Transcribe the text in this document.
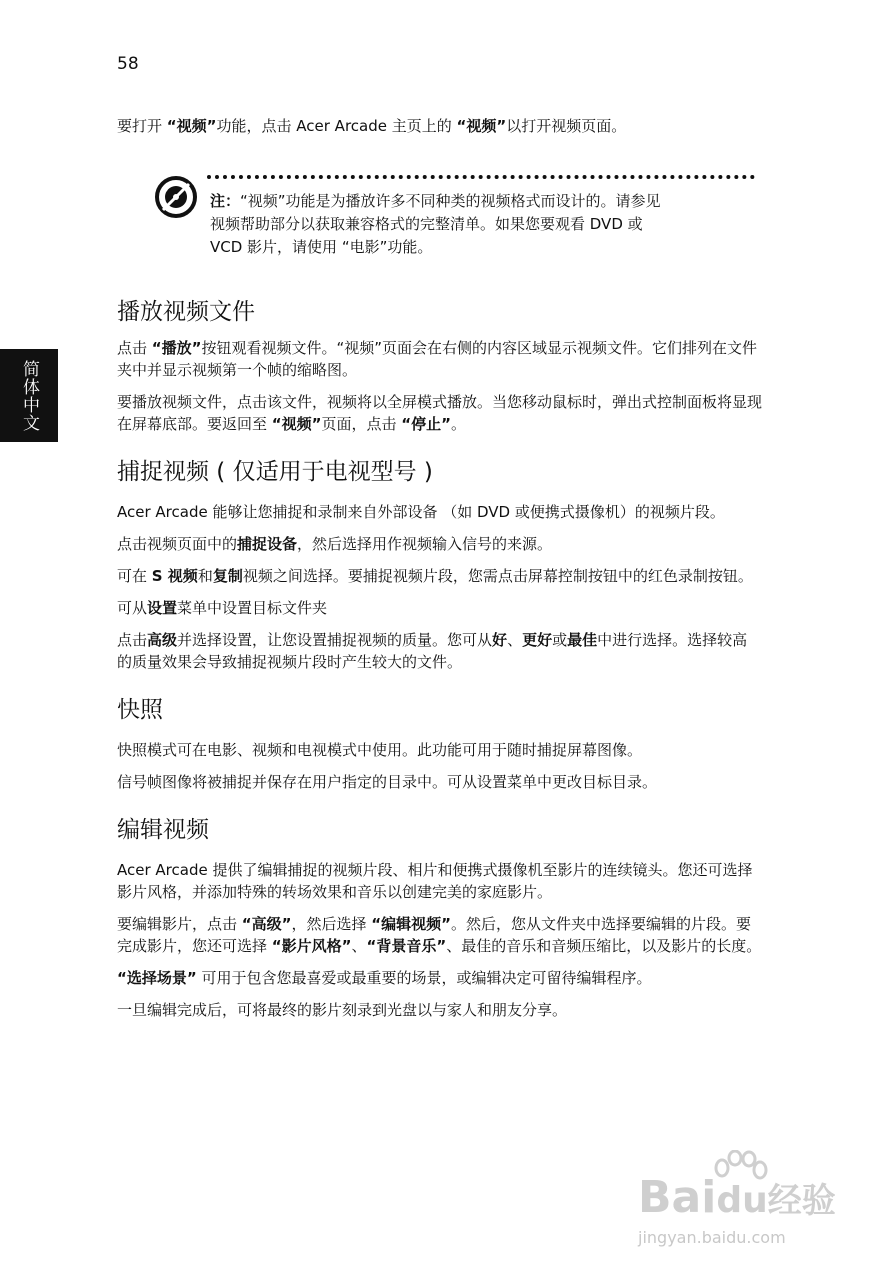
58
简体中文

要打开 “视频”功能，点击 Acer Arcade 主页上的 “视频”以打开视频页面。

注：“视频”功能是为播放许多不同种类的视频格式而设计的。请参见
视频帮助部分以获取兼容格式的完整清单。如果您要观看 DVD 或
VCD 影片，请使用 “电影”功能。
播放视频文件

点击 “播放”按钮观看视频文件。“视频”页面会在右侧的内容区域显示视频文件。它们排列在文件夹中并显示视频第一个帧的缩略图。

要播放视频文件，点击该文件，视频将以全屏模式播放。当您移动鼠标时，弹出式控制面板将显现在屏幕底部。要返回至 “视频”页面，点击 “停止”。

捕捉视频 ( 仅适用于电视型号 )

Acer Arcade 能够让您捕捉和录制来自外部设备 （如 DVD 或便携式摄像机）的视频片段。

点击视频页面中的捕捉设备，然后选择用作视频输入信号的来源。

可在 S 视频和复制视频之间选择。要捕捉视频片段，您需点击屏幕控制按钮中的红色录制按钮。

可从设置菜单中设置目标文件夹

点击高级并选择设置，让您设置捕捉视频的质量。您可从好、更好或最佳中进行选择。选择较高的质量效果会导致捕捉视频片段时产生较大的文件。

快照

快照模式可在电影、视频和电视模式中使用。此功能可用于随时捕捉屏幕图像。

信号帧图像将被捕捉并保存在用户指定的目录中。可从设置菜单中更改目标目录。

编辑视频

Acer Arcade 提供了编辑捕捉的视频片段、相片和便携式摄像机至影片的连续镜头。您还可选择影片风格，并添加特殊的转场效果和音乐以创建完美的家庭影片。

要编辑影片，点击 “高级”，然后选择 “编辑视频”。然后，您从文件夹中选择要编辑的片段。要完成影片，您还可选择 “影片风格”、“背景音乐”、最佳的音乐和音频压缩比，以及影片的长度。

“选择场景” 可用于包含您最喜爱或最重要的场景，或编辑决定可留待编辑程序。

一旦编辑完成后，可将最终的影片刻录到光盘以与家人和朋友分享。

Baidu经验
jingyan.baidu.com
